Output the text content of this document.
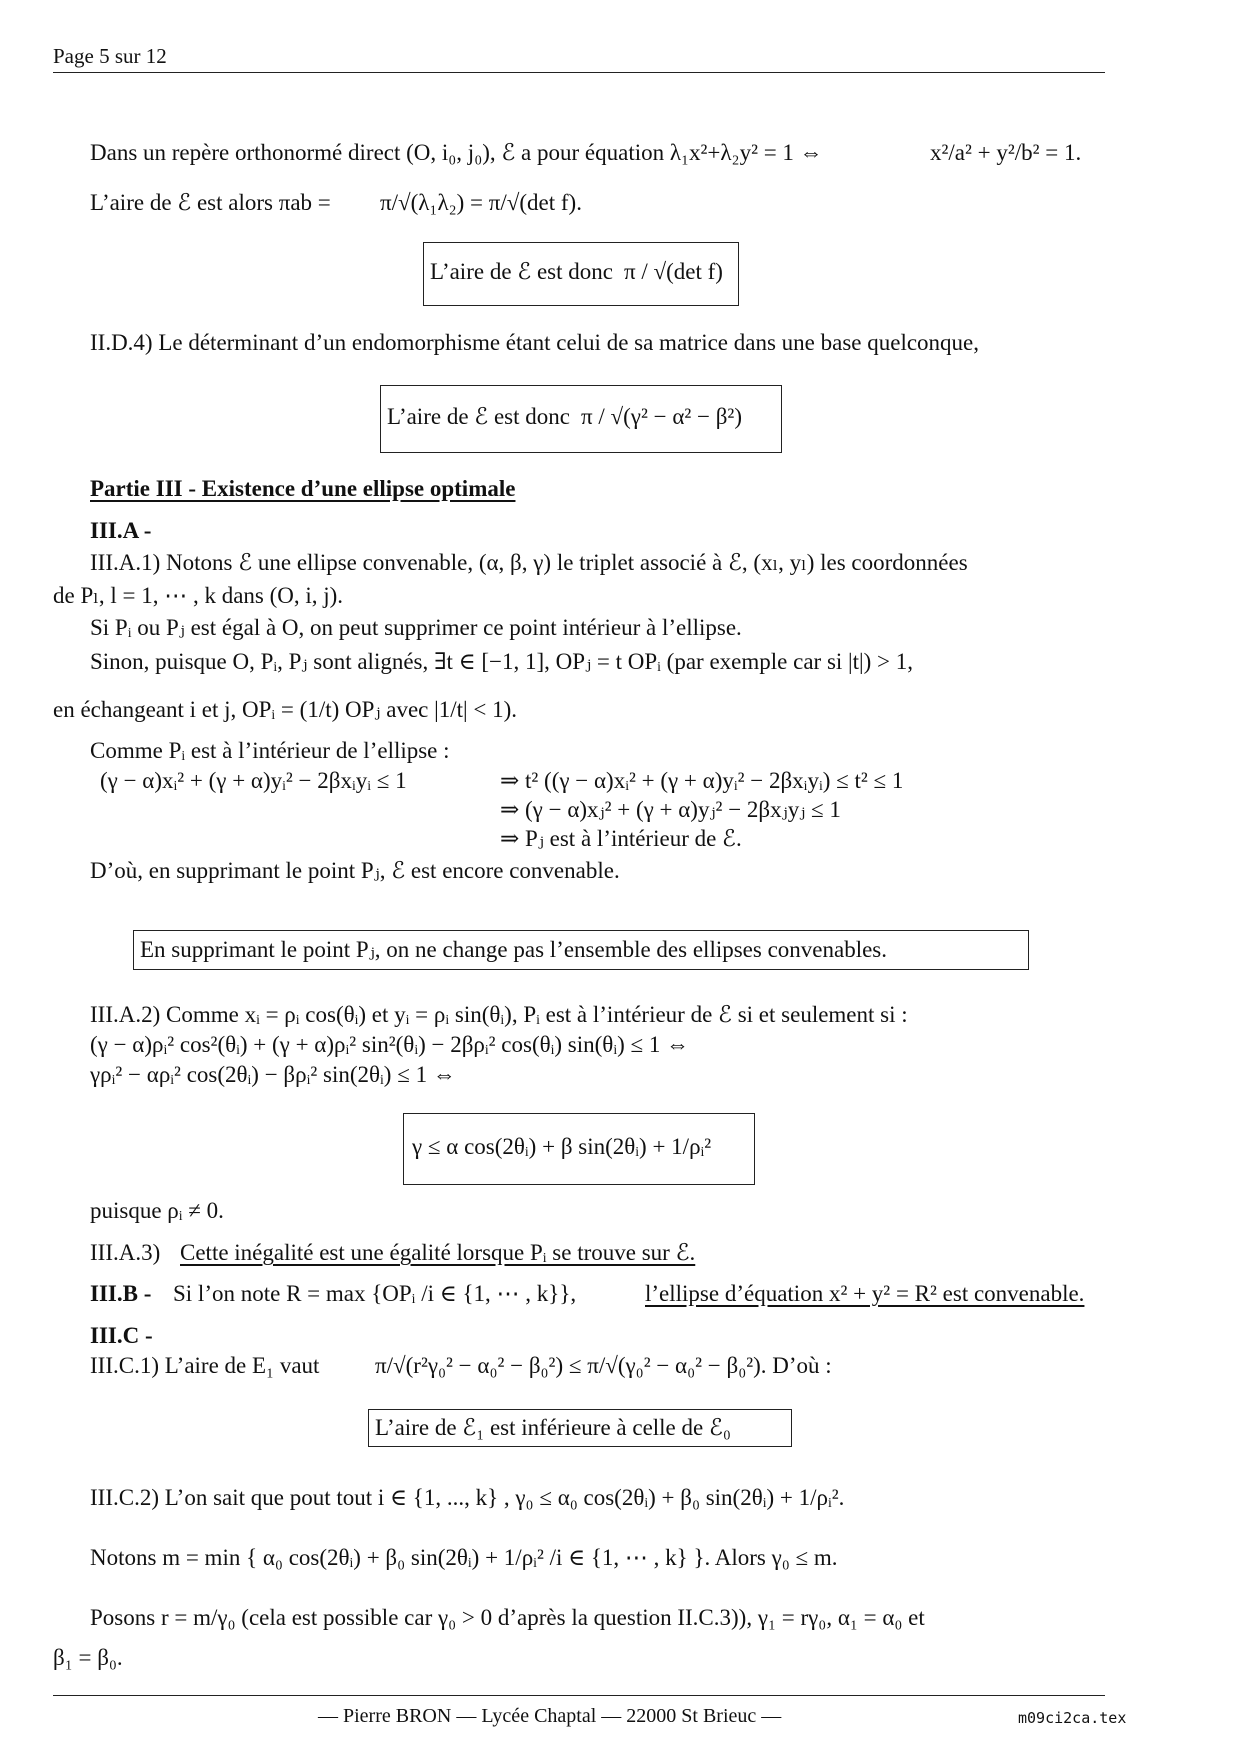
Page 5 sur 12
Dans un repère orthonormé direct (O, i₀, j₀), ℰ a pour équation λ₁x²+λ₂y² = 1 ⇔	x²/a² + y²/b² = 1.
L’aire de ℰ est alors πab = π/√(λ₁λ₂) = π/√(det f).
L’aire de ℰ est donc π / √(det f)
II.D.4) Le déterminant d’un endomorphisme étant celui de sa matrice dans une base quelconque,
L’aire de ℰ est donc π / √(γ² − α² − β²)
Partie III - Existence d’une ellipse optimale
III.A -
III.A.1) Notons ℰ une ellipse convenable, (α, β, γ) le triplet associé à ℰ, (xₗ, yₗ) les coordonnées
de Pₗ, l = 1, ⋯ , k dans (O, i, j).
Si Pᵢ ou Pⱼ est égal à O, on peut supprimer ce point intérieur à l’ellipse.
Sinon, puisque O, Pᵢ, Pⱼ sont alignés, ∃t ∈ [−1, 1], OPⱼ = t OPᵢ (par exemple car si |t|) > 1,
en échangeant i et j, OPᵢ = (1/t) OPⱼ avec |1/t| < 1).
Comme Pᵢ est à l’intérieur de l’ellipse :
(γ − α)xᵢ² + (γ + α)yᵢ² − 2βxᵢyᵢ ≤ 1	⇒ t² ((γ − α)xᵢ² + (γ + α)yᵢ² − 2βxᵢyᵢ) ≤ t² ≤ 1
⇒ (γ − α)xⱼ² + (γ + α)yⱼ² − 2βxⱼyⱼ ≤ 1
⇒ Pⱼ est à l’intérieur de ℰ.
D’où, en supprimant le point Pⱼ, ℰ est encore convenable.
En supprimant le point Pⱼ, on ne change pas l’ensemble des ellipses convenables.
III.A.2) Comme xᵢ = ρᵢ cos(θᵢ) et yᵢ = ρᵢ sin(θᵢ), Pᵢ est à l’intérieur de ℰ si et seulement si :
(γ − α)ρᵢ² cos²(θᵢ) + (γ + α)ρᵢ² sin²(θᵢ) − 2βρᵢ² cos(θᵢ) sin(θᵢ) ≤ 1 ⇔
γρᵢ² − αρᵢ² cos(2θᵢ) − βρᵢ² sin(2θᵢ) ≤ 1 ⇔
γ ≤ α cos(2θᵢ) + β sin(2θᵢ) + 1/ρᵢ²
puisque ρᵢ ≠ 0.
III.A.3) Cette inégalité est une égalité lorsque Pᵢ se trouve sur ℰ.
III.B - Si l’on note R = max {OPᵢ /i ∈ {1, ⋯ , k}},	l’ellipse d’équation x² + y² = R² est convenable.
III.C -
III.C.1) L’aire de E₁ vaut π/√(r²γ₀² − α₀² − β₀²) ≤ π/√(γ₀² − α₀² − β₀²). D’où :
L’aire de ℰ₁ est inférieure à celle de ℰ₀
III.C.2) L’on sait que pout tout i ∈ {1, ..., k} , γ₀ ≤ α₀ cos(2θᵢ) + β₀ sin(2θᵢ) + 1/ρᵢ².
Notons m = min { α₀ cos(2θᵢ) + β₀ sin(2θᵢ) + 1/ρᵢ² /i ∈ {1, ⋯ , k} }. Alors γ₀ ≤ m.
Posons r = m/γ₀ (cela est possible car γ₀ > 0 d’après la question II.C.3)), γ₁ = rγ₀, α₁ = α₀ et
β₁ = β₀.
— Pierre BRON — Lycée Chaptal — 22000 St Brieuc —	m09ci2ca.tex
